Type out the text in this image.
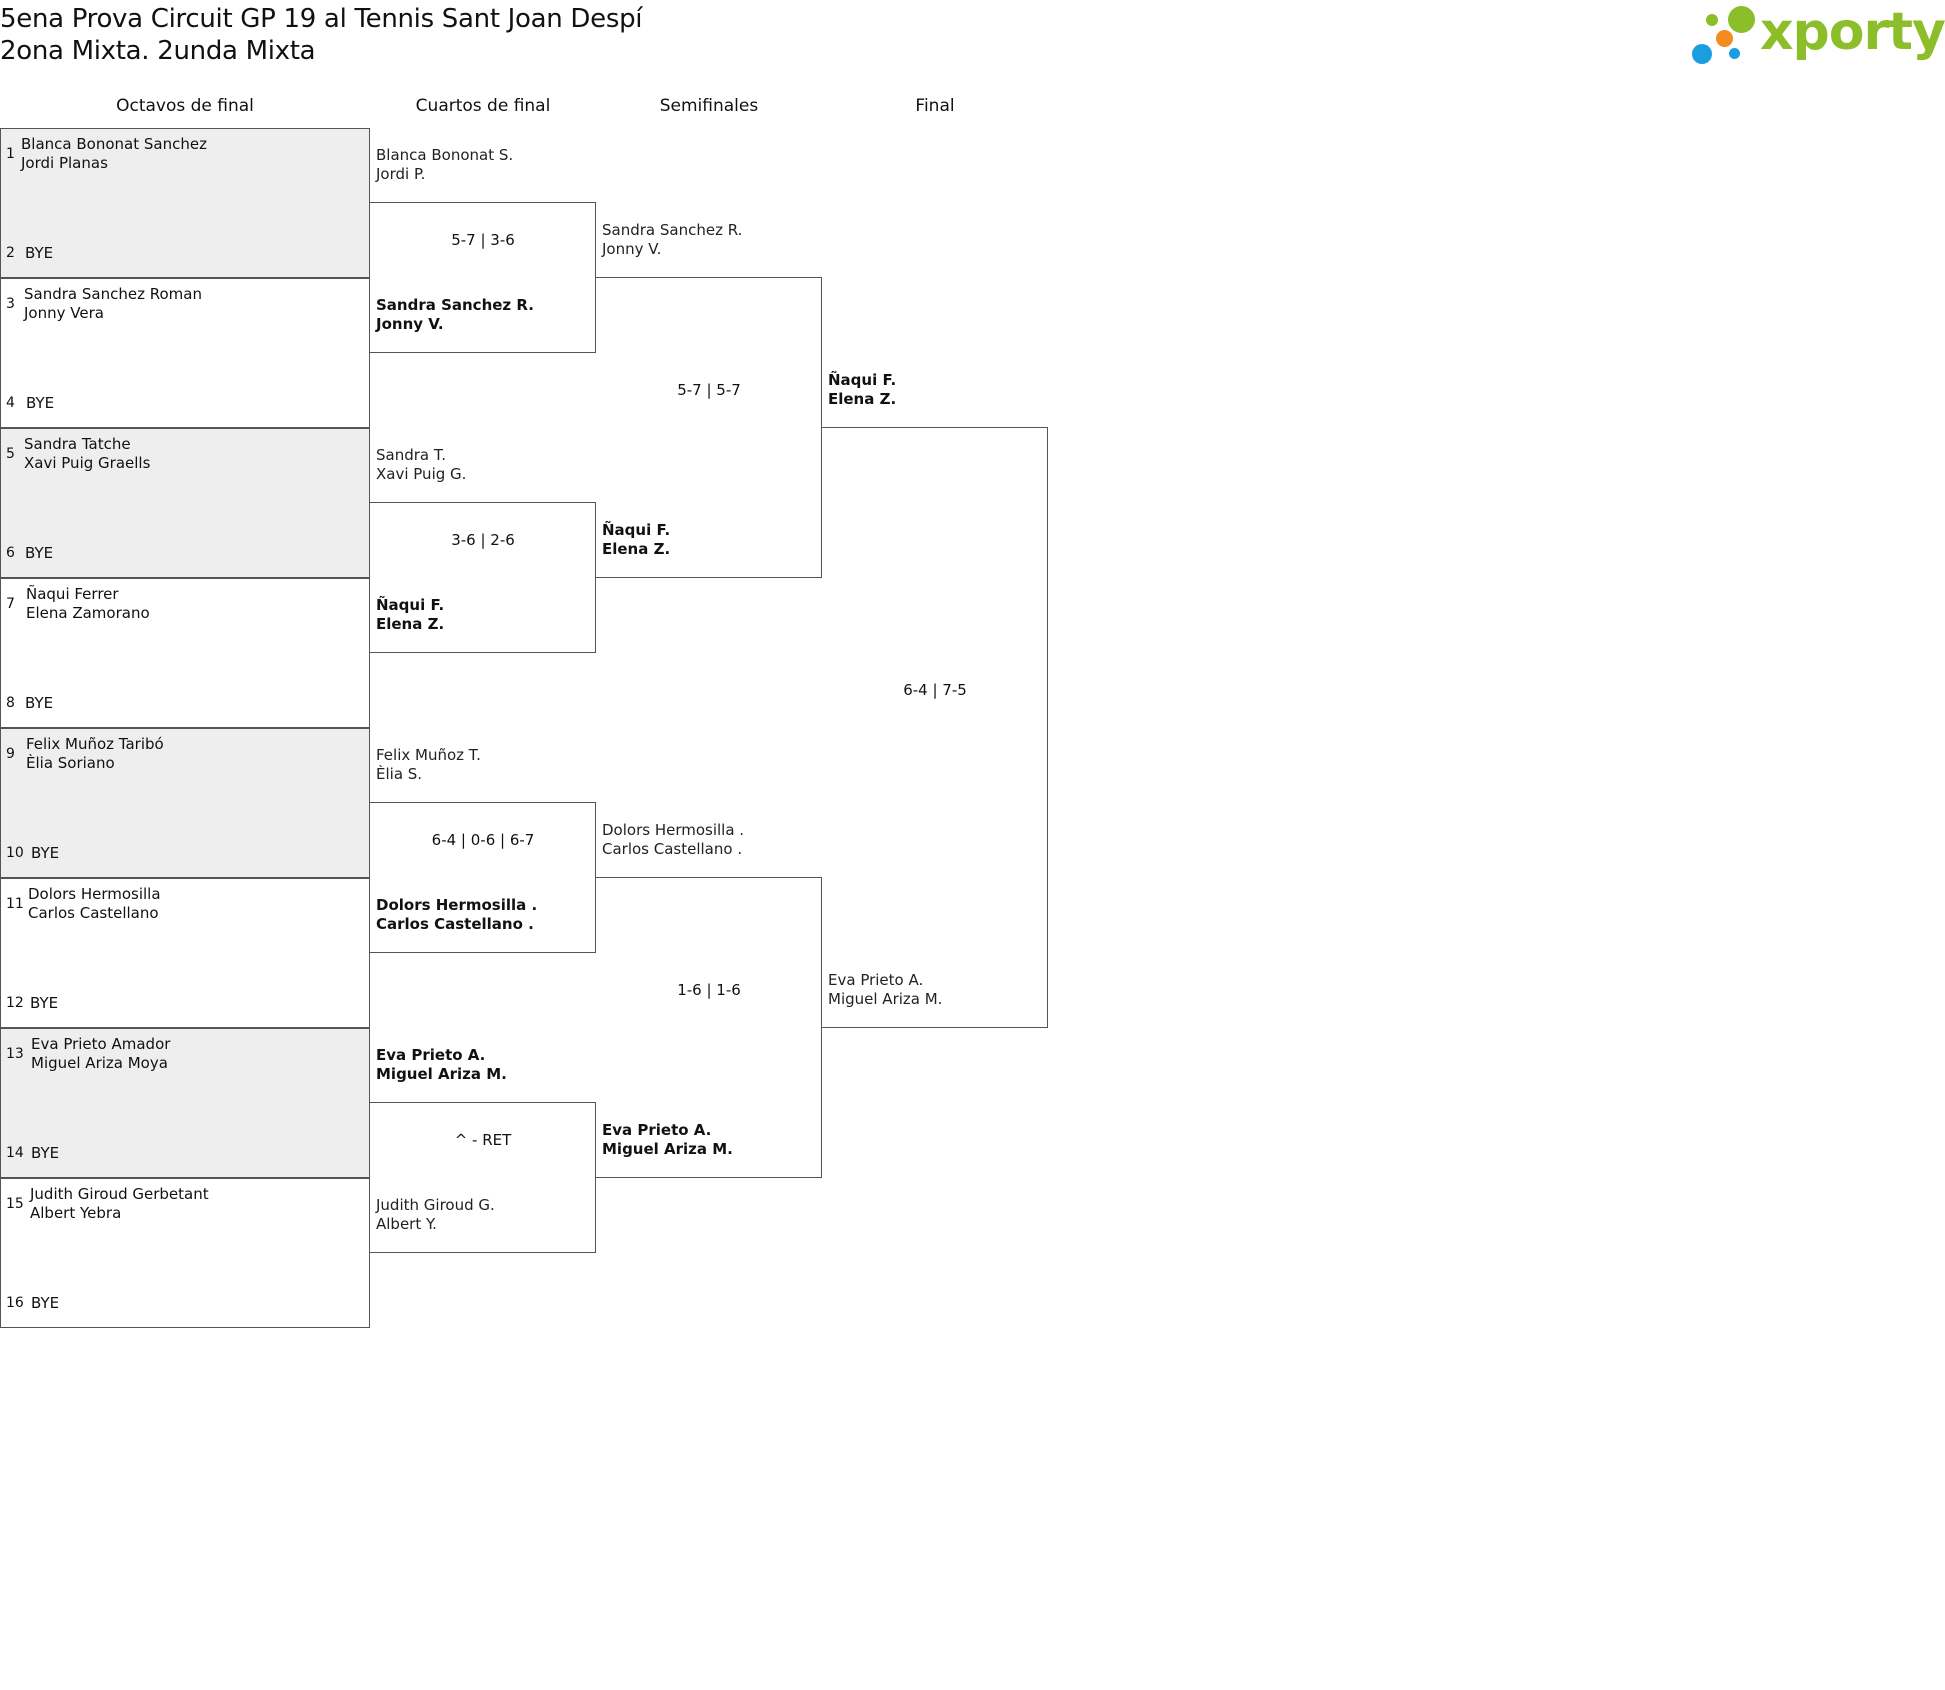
5ena Prova Circuit GP 19 al Tennis Sant Joan Despí
2ona Mixta. 2unda Mixta	xporty
Octavos de final	Cuartos de final	Semifinales	Final
1
Blanca Bononat Sanchez
Jordi Planas
2 BYE
3
Sandra Sanchez Roman
Jonny Vera
4 BYE
5
Sandra Tatche
Xavi Puig Graells
6 BYE
7
Ñaqui Ferrer
Elena Zamorano
8 BYE
9
Felix Muñoz Taribó
Èlia Soriano
10 BYE
11
Dolors Hermosilla
Carlos Castellano
12 BYE
13
Eva Prieto Amador
Miguel Ariza Moya
14 BYE
15
Judith Giroud Gerbetant
Albert Yebra
16 BYE
Blanca Bononat S.
Jordi P.
5-7 | 3-6
Sandra Sanchez R.
Jonny V.
Sandra T.
Xavi Puig G.
3-6 | 2-6
Ñaqui F.
Elena Z.
Felix Muñoz T.
Èlia S.
6-4 | 0-6 | 6-7
Dolors Hermosilla .
Carlos Castellano .
Eva Prieto A.
Miguel Ariza M.
^ - RET
Judith Giroud G.
Albert Y.
Sandra Sanchez R.
Jonny V.
5-7 | 5-7
Ñaqui F.
Elena Z.
Dolors Hermosilla .
Carlos Castellano .
1-6 | 1-6
Eva Prieto A.
Miguel Ariza M.
Ñaqui F.
Elena Z.
6-4 | 7-5
Eva Prieto A.
Miguel Ariza M.
